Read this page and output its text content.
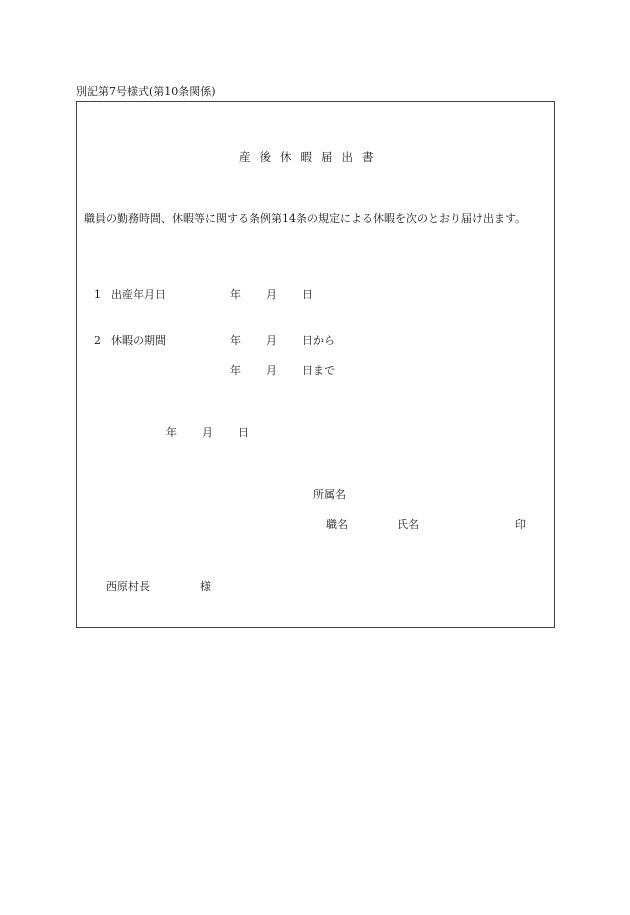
別記第7号様式(第10条関係)
産後休暇届出書
職員の勤務時間、休暇等に関する条例第14条の規定による休暇を次のとおり届け出ます。
1 出産年月日	年 月 日
2 休暇の期間	年 月 日から
年 月 日まで
年 月 日
所属名
職名	氏名	印
西原村長	様
